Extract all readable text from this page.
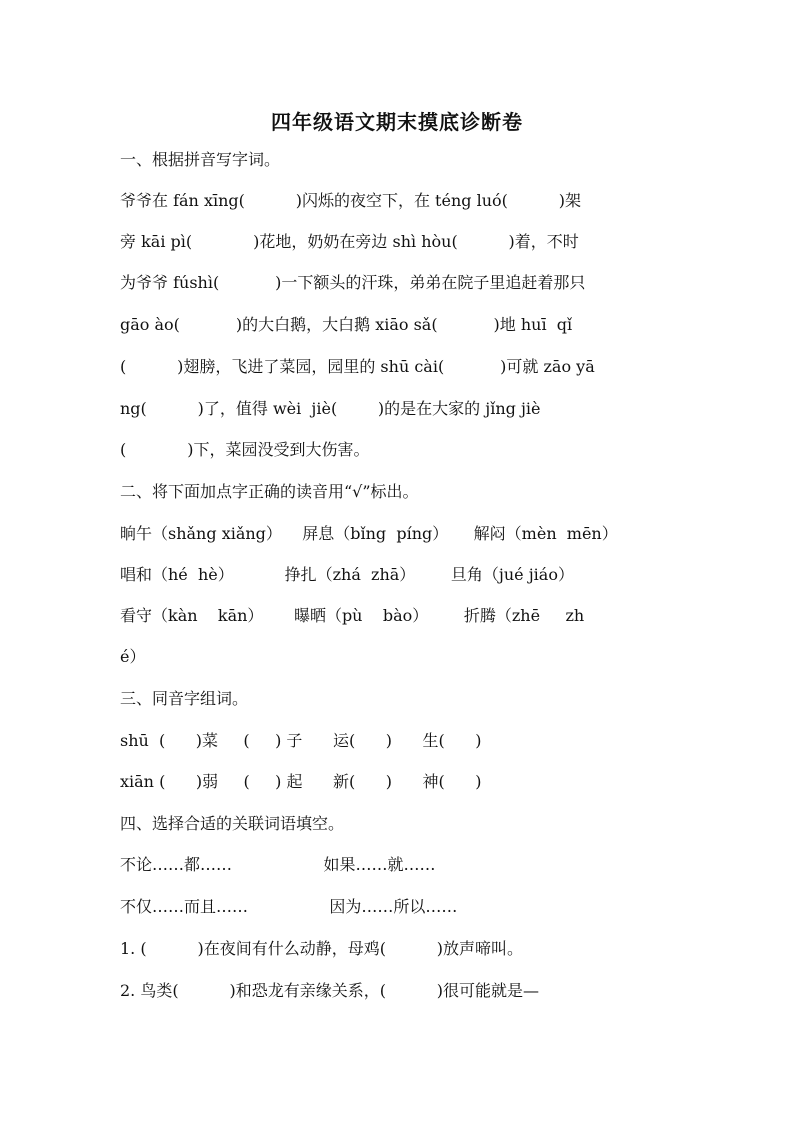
四年级语文期末摸底诊断卷
一、根据拼音写字词。
爷爷在 fán xīng(          )闪烁的夜空下，在 téng luó(          )架
旁 kāi pì(            )花地，奶奶在旁边 shì hòu(          )着，不时
为爷爷 fúshì(           )一下额头的汗珠，弟弟在院子里追赶着那只
gāo ào(           )的大白鹅，大白鹅 xiāo sǎ(           )地 huī  qǐ
(          )翅膀，飞进了菜园，园里的 shū cài(           )可就 zāo yā
ng(          )了，值得 wèi  jiè(        )的是在大家的 jǐng jiè
(            )下，菜园没受到大伤害。
二、将下面加点字正确的读音用“√”标出。
晌午（shǎng xiǎng）    屏息（bǐng  píng）     解闷（mèn  mēn）
唱和（hé  hè）          挣扎（zhá  zhā）       旦角（jué jiáo）
看守（kàn    kān）      曝晒（pù    bào）       折腾（zhē     zh
é）
三、同音字组词。
shū  (      )菜     (     ) 子      运(      )      生(      )
xiān (      )弱     (     ) 起      新(      )      神(      )
四、选择合适的关联词语填空。
不论……都……                  如果……就……
不仅……而且……                因为……所以……
1. (          )在夜间有什么动静，母鸡(          )放声啼叫。
2. 鸟类(          )和恐龙有亲缘关系，(          )很可能就是—
